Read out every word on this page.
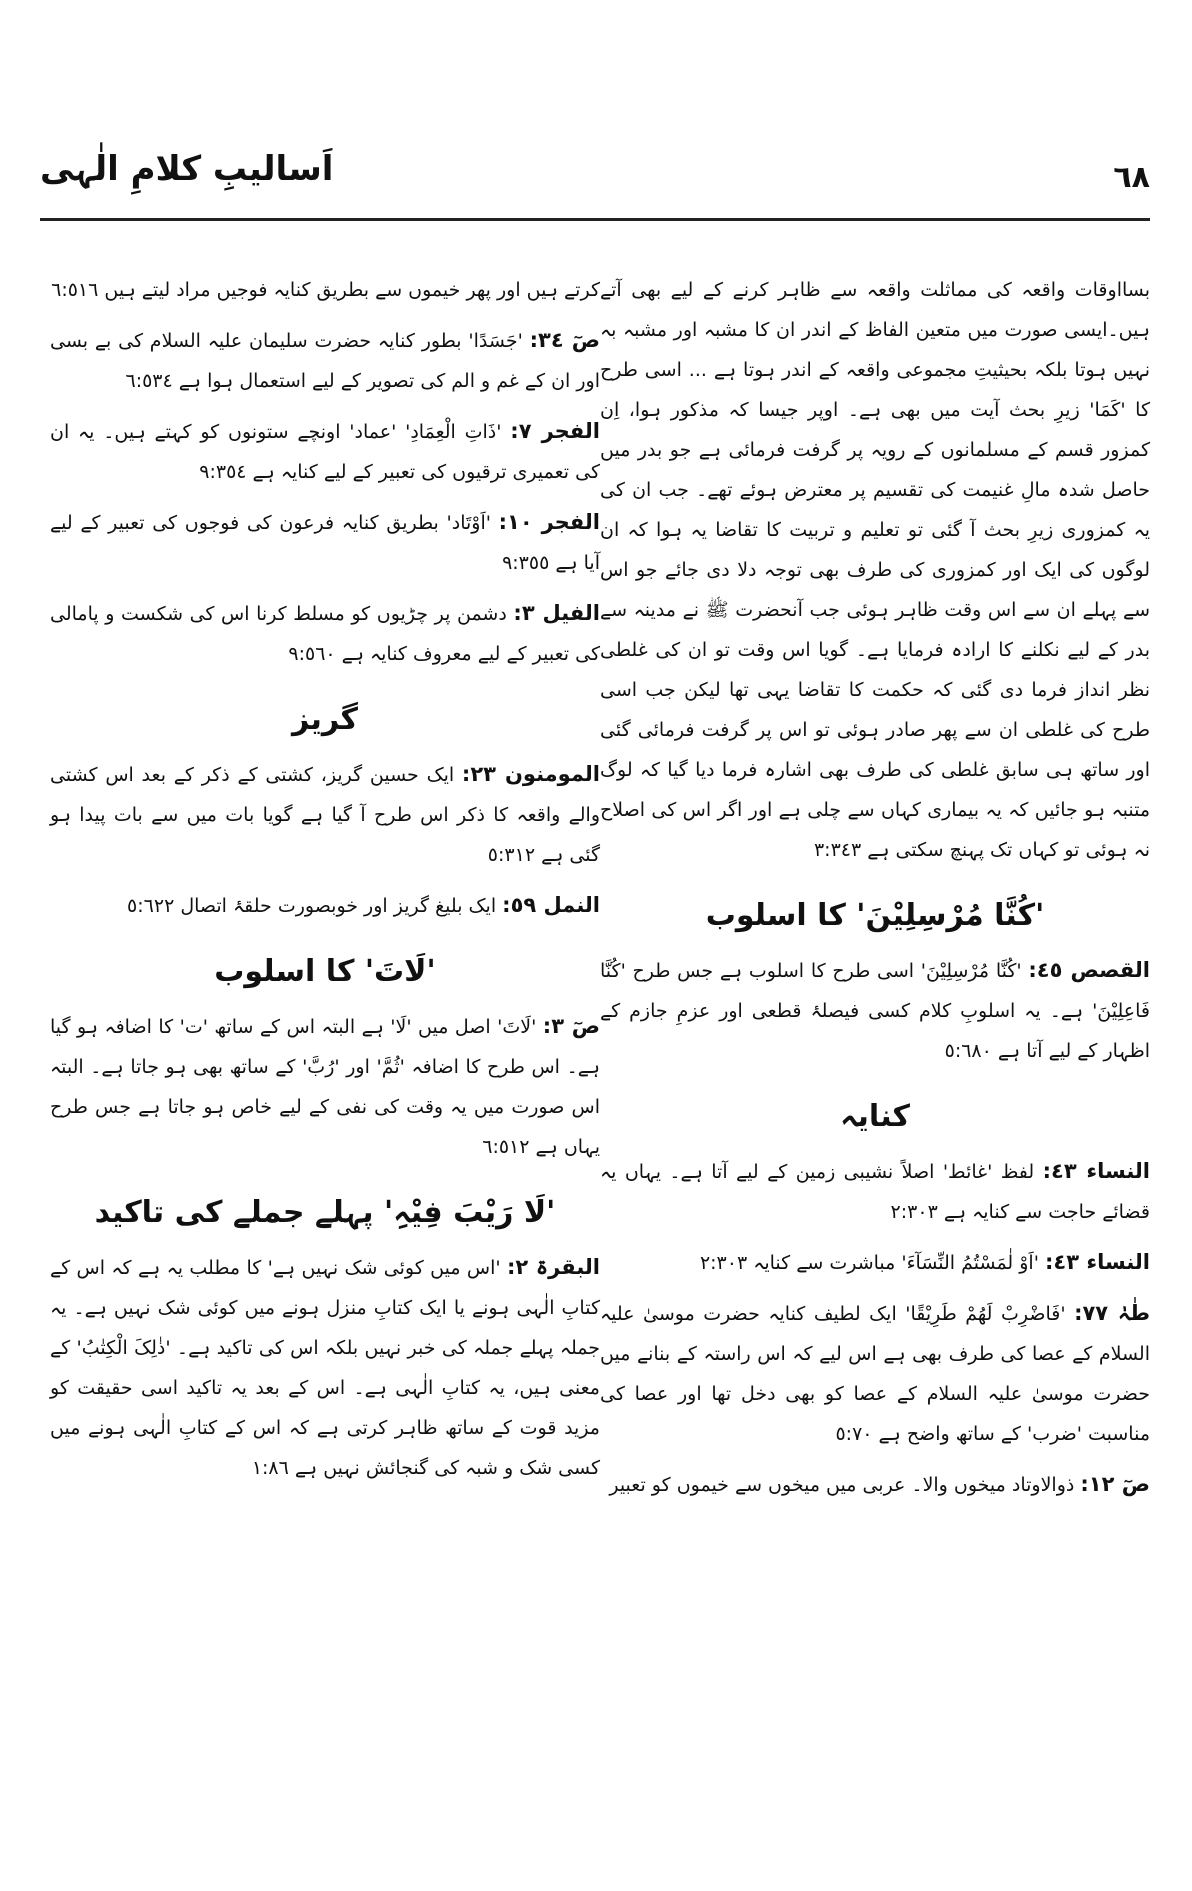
اَسالیبِ کلامِ الٰہی	٦٨

بسااوقات واقعہ کی مماثلت واقعہ سے ظاہر کرنے کے لیے بھی آتے ہیں۔ایسی صورت میں متعین الفاظ کے اندر ان کا مشبہ اور مشبہ بہ نہیں ہوتا بلکہ بحیثیتِ مجموعی واقعہ کے اندر ہوتا ہے ... اسی طرح کا 'کَمَا' زیرِ بحث آیت میں بھی ہے۔ اوپر جیسا کہ مذکور ہوا، اِن کمزور قسم کے مسلمانوں کے رویہ پر گرفت فرمائی ہے جو بدر میں حاصل شدہ مالِ غنیمت کی تقسیم پر معترض ہوئے تھے۔ جب ان کی یہ کمزوری زیرِ بحث آ گئی تو تعلیم و تربیت کا تقاضا یہ ہوا کہ ان لوگوں کی ایک اور کمزوری کی طرف بھی توجہ دلا دی جائے جو اس سے پہلے ان سے اس وقت ظاہر ہوئی جب آنحضرت ﷺ نے مدینہ سے بدر کے لیے نکلنے کا ارادہ فرمایا ہے۔ گویا اس وقت تو ان کی غلطی نظر انداز فرما دی گئی کہ حکمت کا تقاضا یہی تھا لیکن جب اسی طرح کی غلطی ان سے پھر صادر ہوئی تو اس پر گرفت فرمائی گئی اور ساتھ ہی سابق غلطی کی طرف بھی اشارہ فرما دیا گیا کہ لوگ متنبہ ہو جائیں کہ یہ بیماری کہاں سے چلی ہے اور اگر اس کی اصلاح نہ ہوئی تو کہاں تک پہنچ سکتی ہے ٣:٣٤٣

'کُنَّا مُرْسِلِیْنَ' کا اسلوب

القصص ٤٥: 'کُنَّا مُرْسِلِیْنَ' اسی طرح کا اسلوب ہے جس طرح 'کُنَّا فَاعِلِیْنَ' ہے۔ یہ اسلوبِ کلام کسی فیصلۂ قطعی اور عزمِ جازم کے اظہار کے لیے آتا ہے ٥:٦٨٠

کنایہ

النساء ٤٣: لفظ 'غائط' اصلاً نشیبی زمین کے لیے آتا ہے۔ یہاں یہ قضائے حاجت سے کنایہ ہے ٢:٣٠٣

النساء ٤٣: 'اَوْ لٰمَسْتُمُ النِّسَآءَ' مباشرت سے کنایہ ٢:٣٠٣

طٰہٰ ٧٧: 'فَاضْرِبْ لَھُمْ طَرِیْقًا' ایک لطیف کنایہ حضرت موسیٰ علیہ السلام کے عصا کی طرف بھی ہے اس لیے کہ اس راستہ کے بنانے میں حضرت موسیٰ علیہ السلام کے عصا کو بھی دخل تھا اور عصا کی مناسبت 'ضرب' کے ساتھ واضح ہے ٥:٧٠

صٓ ١٢: ذوالاوتاد میخوں والا۔ عربی میں میخوں سے خیموں کو تعبیر

کرتے ہیں اور پھر خیموں سے بطریق کنایہ فوجیں مراد لیتے ہیں ٦:٥١٦

صٓ ٣٤: 'جَسَدًا' بطور کنایہ حضرت سلیمان علیہ السلام کی بے بسی اور ان کے غم و الم کی تصویر کے لیے استعمال ہوا ہے ٦:٥٣٤

الفجر ٧: 'ذَاتِ الْعِمَادِ' 'عماد' اونچے ستونوں کو کہتے ہیں۔ یہ ان کی تعمیری ترقیوں کی تعبیر کے لیے کنایہ ہے ٩:٣٥٤

الفجر ١٠: 'اَوْتَاد' بطریق کنایہ فرعون کی فوجوں کی تعبیر کے لیے آیا ہے ٩:٣٥٥

الفیل ٣: دشمن پر چڑیوں کو مسلط کرنا اس کی شکست و پامالی کی تعبیر کے لیے معروف کنایہ ہے ٩:٥٦٠

گریز

المومنون ٢٣: ایک حسین گریز، کشتی کے ذکر کے بعد اس کشتی والے واقعہ کا ذکر اس طرح آ گیا ہے گویا بات میں سے بات پیدا ہو گئی ہے ٥:٣١٢

النمل ٥٩: ایک بلیغ گریز اور خوبصورت حلقۂ اتصال ٥:٦٢٢

'لَاتَ' کا اسلوب

صٓ ٣: 'لَاتَ' اصل میں 'لَا' ہے البتہ اس کے ساتھ 'ت' کا اضافہ ہو گیا ہے۔ اس طرح کا اضافہ 'ثُمَّ' اور 'رُبَّ' کے ساتھ بھی ہو جاتا ہے۔ البتہ اس صورت میں یہ وقت کی نفی کے لیے خاص ہو جاتا ہے جس طرح یہاں ہے ٦:٥١٢

'لَا رَیْبَ فِیْہِ' پہلے جملے کی تاکید

البقرۃ ٢: 'اس میں کوئی شک نہیں ہے' کا مطلب یہ ہے کہ اس کے کتابِ الٰہی ہونے یا ایک کتابِ منزل ہونے میں کوئی شک نہیں ہے۔ یہ جملہ پہلے جملہ کی خبر نہیں بلکہ اس کی تاکید ہے۔ 'ذٰلِکَ الْکِتٰبُ' کے معنی ہیں، یہ کتابِ الٰہی ہے۔ اس کے بعد یہ تاکید اسی حقیقت کو مزید قوت کے ساتھ ظاہر کرتی ہے کہ اس کے کتابِ الٰہی ہونے میں کسی شک و شبہ کی گنجائش نہیں ہے ١:٨٦
